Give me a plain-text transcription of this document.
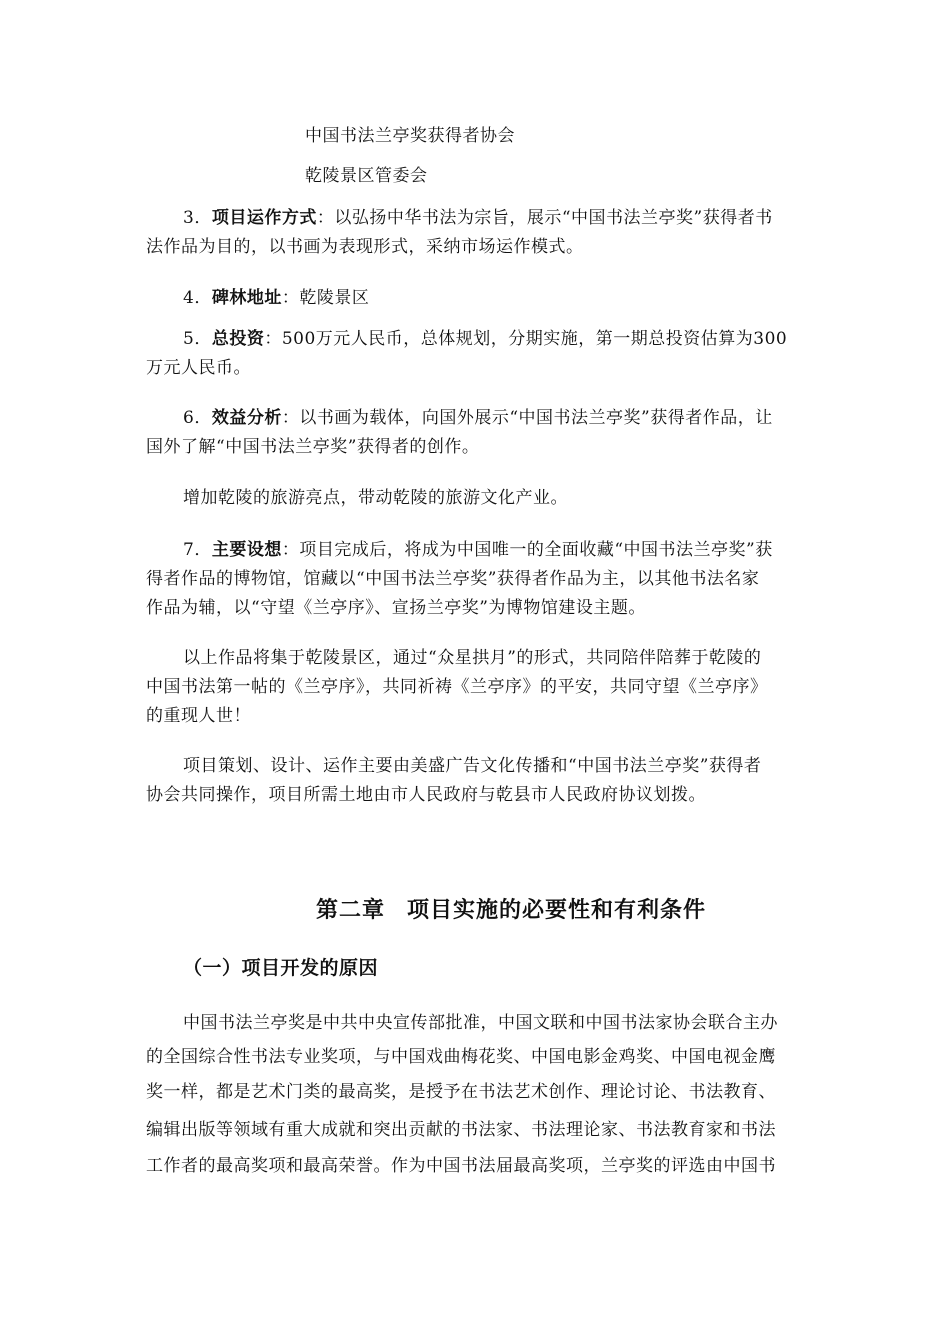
中国书法兰亭奖获得者协会
乾陵景区管委会
3．项目运作方式：以弘扬中华书法为宗旨，展示“中国书法兰亭奖”获得者书
法作品为目的，以书画为表现形式，采纳市场运作模式。
4．碑林地址：乾陵景区
5．总投资：500万元人民币，总体规划，分期实施，第一期总投资估算为300
万元人民币。
6．效益分析：以书画为载体，向国外展示“中国书法兰亭奖”获得者作品，让
国外了解“中国书法兰亭奖”获得者的创作。
增加乾陵的旅游亮点，带动乾陵的旅游文化产业。
7．主要设想：项目完成后，将成为中国唯一的全面收藏“中国书法兰亭奖”获
得者作品的博物馆，馆藏以“中国书法兰亭奖”获得者作品为主，以其他书法名家
作品为辅，以“守望《兰亭序》、宣扬兰亭奖”为博物馆建设主题。
以上作品将集于乾陵景区，通过“众星拱月”的形式，共同陪伴陪葬于乾陵的
中国书法第一帖的《兰亭序》，共同祈祷《兰亭序》的平安，共同守望《兰亭序》
的重现人世！
项目策划、设计、运作主要由美盛广告文化传播和“中国书法兰亭奖”获得者
协会共同操作，项目所需土地由市人民政府与乾县市人民政府协议划拨。
第二章 项目实施的必要性和有利条件
（一）项目开发的原因
中国书法兰亭奖是中共中央宣传部批准，中国文联和中国书法家协会联合主办
的全国综合性书法专业奖项，与中国戏曲梅花奖、中国电影金鸡奖、中国电视金鹰
奖一样，都是艺术门类的最高奖，是授予在书法艺术创作、理论讨论、书法教育、
编辑出版等领域有重大成就和突出贡献的书法家、书法理论家、书法教育家和书法
工作者的最高奖项和最高荣誉。作为中国书法届最高奖项，兰亭奖的评选由中国书
